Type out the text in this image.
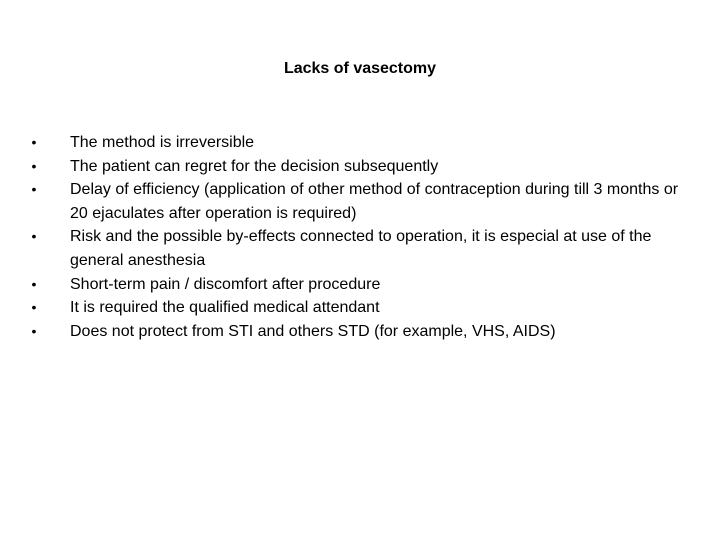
Lacks of vasectomy
• The method is irreversible
• The patient can regret for the decision subsequently
• Delay of efficiency (application of other method of contraception during till 3 months or 20 ejaculates after operation is required)
• Risk and the possible by-effects connected to operation, it is especial at use of the general anesthesia
• Short-term pain / discomfort after procedure
• It is required the qualified medical attendant
• Does not protect from STI and others STD (for example, VHS, AIDS)
